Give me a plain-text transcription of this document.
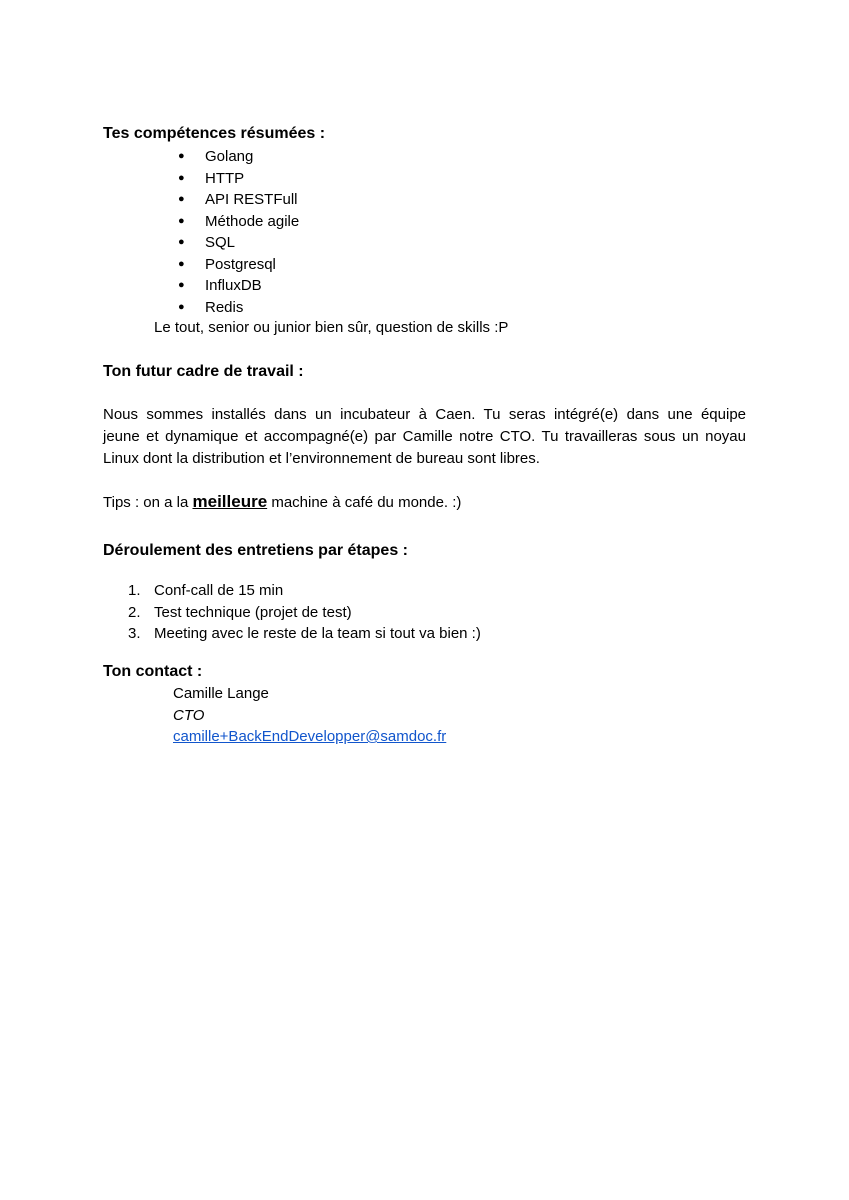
Tes compétences résumées :
● Golang
● HTTP
● API RESTFull
● Méthode agile
● SQL
● Postgresql
● InfluxDB
● Redis
Le tout, senior ou junior bien sûr, question de skills :P
Ton futur cadre de travail :
Nous sommes installés dans un incubateur à Caen. Tu seras intégré(e) dans une équipe
jeune et dynamique et accompagné(e) par Camille notre CTO. Tu travailleras sous un noyau
Linux dont la distribution et l’environnement de bureau sont libres.
Tips : on a la meilleure machine à café du monde. :)
Déroulement des entretiens par étapes :
1. Conf-call de 15 min
2. Test technique (projet de test)
3. Meeting avec le reste de la team si tout va bien :)
Ton contact :
Camille Lange
CTO
camille+BackEndDevelopper@samdoc.fr
